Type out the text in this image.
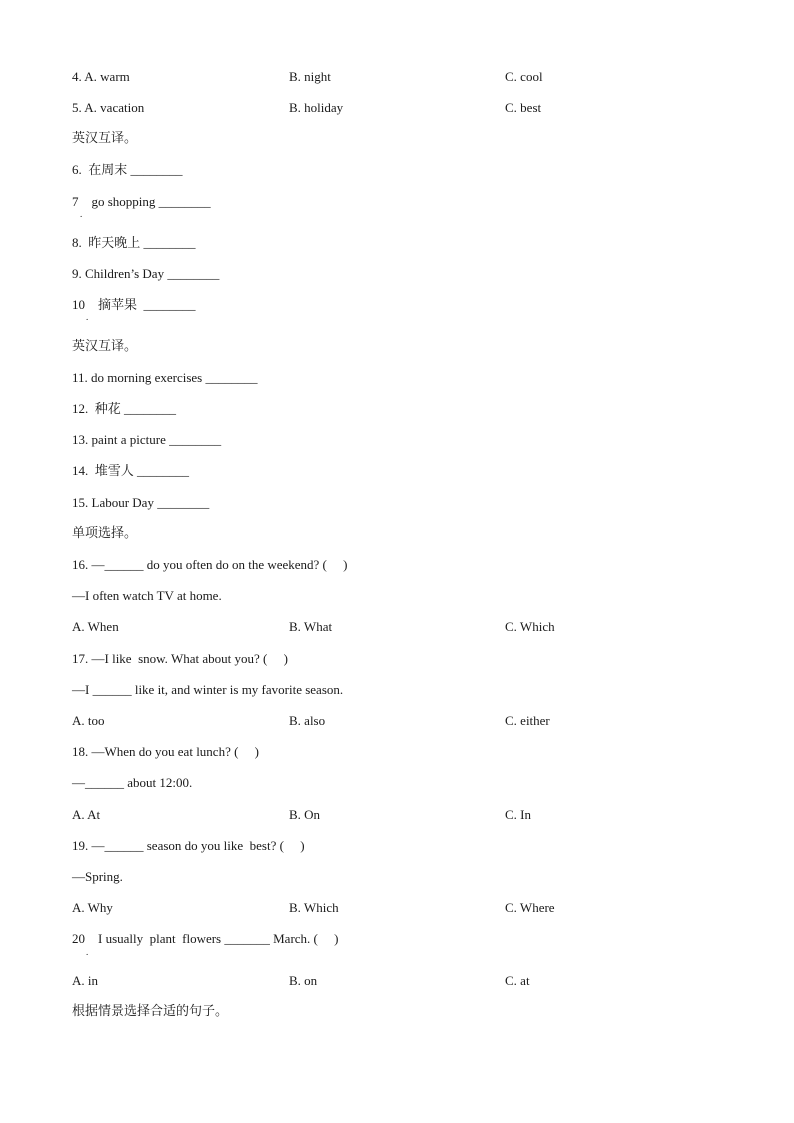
4. A. warm	B. night	C. cool
5. A. vacation	B. holiday	C. best
英汉互译。
6.  在周末 ________
7    go shopping ________
.
8.  昨天晚上 ________
9. Children’s Day ________
10    摘苹果  ________
.
英汉互译。
11. do morning exercises ________
12.  种花 ________
13. paint a picture ________
14.  堆雪人 ________
15. Labour Day ________
单项选择。
16. —______ do you often do on the weekend? (     )
—I often watch TV at home.
A. When	B. What	C. Which
17. —I like  snow. What about you? (     )
—I ______ like it, and winter is my favorite season.
A. too	B. also	C. either
18. —When do you eat lunch? (     )
—______ about 12:00.
A. At	B. On	C. In
19. —______ season do you like  best? (     )
—Spring.
A. Why	B. Which	C. Where
20    I usually  plant  flowers _______ March. (     )
.
A. in	B. on	C. at
根据情景选择合适的句子。
